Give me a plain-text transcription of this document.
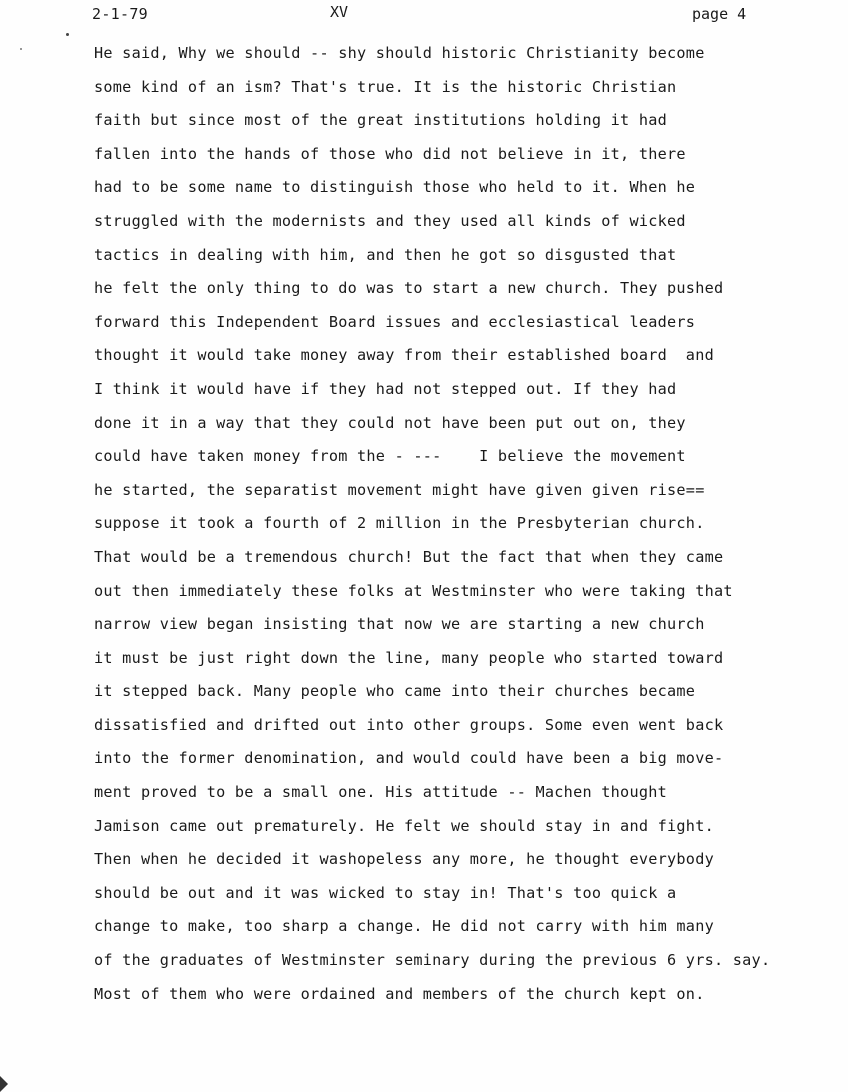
2-1-79	XV	page 4
He said, Why we should -- shy should historic Christianity become
some kind of an ism? That's true. It is the historic Christian
faith but since most of the great institutions holding it had
fallen into the hands of those who did not believe in it, there
had to be some name to distinguish those who held to it. When he
struggled with the modernists and they used all kinds of wicked
tactics in dealing with him, and then he got so disgusted that
he felt the only thing to do was to start a new church. They pushed
forward this Independent Board issues and ecclesiastical leaders
thought it would take money away from their established board  and
I think it would have if they had not stepped out. If they had
done it in a way that they could not have been put out on, they
could have taken money from the - ---    I believe the movement
he started, the separatist movement might have given given rise==
suppose it took a fourth of 2 million in the Presbyterian church.
That would be a tremendous church! But the fact that when they came
out then immediately these folks at Westminster who were taking that
narrow view began insisting that now we are starting a new church
it must be just right down the line, many people who started toward
it stepped back. Many people who came into their churches became
dissatisfied and drifted out into other groups. Some even went back
into the former denomination, and would could have been a big move-
ment proved to be a small one. His attitude -- Machen thought
Jamison came out prematurely. He felt we should stay in and fight.
Then when he decided it washopeless any more, he thought everybody
should be out and it was wicked to stay in! That's too quick a
change to make, too sharp a change. He did not carry with him many
of the graduates of Westminster seminary during the previous 6 yrs. say.
Most of them who were ordained and members of the church kept on.
